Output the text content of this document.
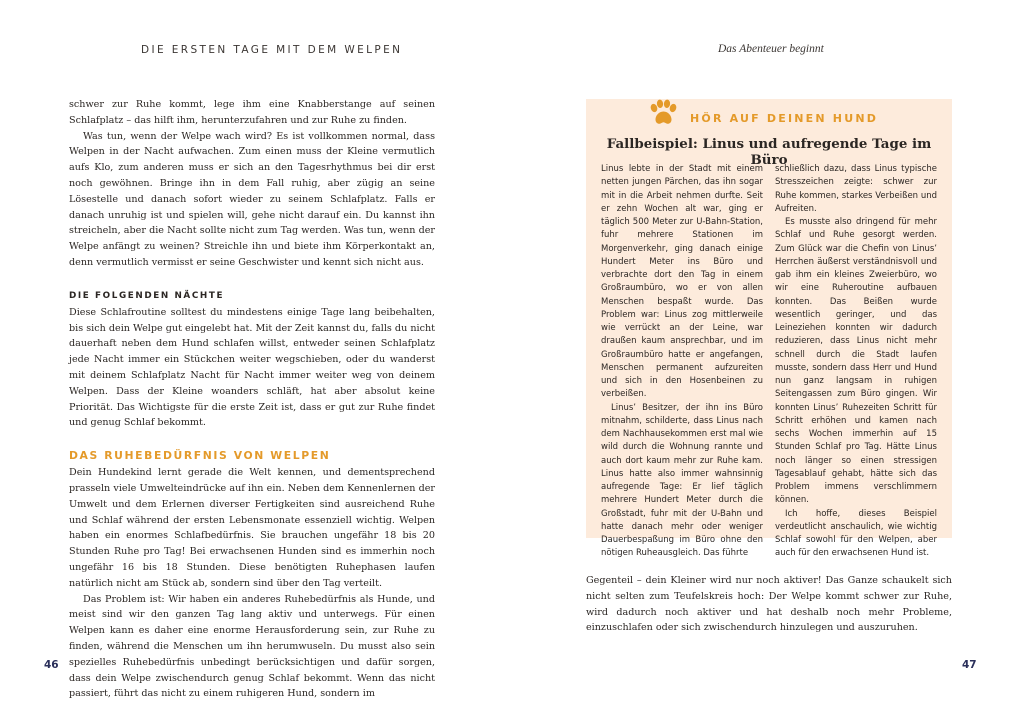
DIE ERSTEN TAGE MIT DEM WELPEN

schwer zur Ruhe kommt, lege ihm eine Knabberstange auf seinen Schlafplatz – das hilft ihm, herunterzufahren und zur Ruhe zu finden.

Was tun, wenn der Welpe wach wird? Es ist vollkommen normal, dass Welpen in der Nacht aufwachen. Zum einen muss der Kleine vermutlich aufs Klo, zum anderen muss er sich an den Tagesrhythmus bei dir erst noch gewöhnen. Bringe ihn in dem Fall ruhig, aber zügig an seine Lösestelle und danach sofort wieder zu seinem Schlafplatz. Falls er danach unruhig ist und spielen will, gehe nicht darauf ein. Du kannst ihn streicheln, aber die Nacht sollte nicht zum Tag werden. Was tun, wenn der Welpe anfängt zu weinen? Streichle ihn und biete ihm Körperkontakt an, denn vermutlich vermisst er seine Geschwister und kennt sich nicht aus.

DIE FOLGENDEN NÄCHTE

Diese Schlafroutine solltest du mindestens einige Tage lang beibehalten, bis sich dein Welpe gut eingelebt hat. Mit der Zeit kannst du, falls du nicht dauerhaft neben dem Hund schlafen willst, entweder seinen Schlafplatz jede Nacht immer ein Stückchen weiter wegschieben, oder du wanderst mit deinem Schlafplatz Nacht für Nacht immer weiter weg von deinem Welpen. Dass der Kleine woanders schläft, hat aber absolut keine Priorität. Das Wichtigste für die erste Zeit ist, dass er gut zur Ruhe findet und genug Schlaf bekommt.

DAS RUHEBEDÜRFNIS VON WELPEN

Dein Hundekind lernt gerade die Welt kennen, und dementsprechend prasseln viele Umwelteindrücke auf ihn ein. Neben dem Kennenlernen der Umwelt und dem Erlernen diverser Fertigkeiten sind ausreichend Ruhe und Schlaf während der ersten Lebensmonate essenziell wichtig. Welpen haben ein enormes Schlafbedürfnis. Sie brauchen ungefähr 18 bis 20 Stunden Ruhe pro Tag! Bei erwachsenen Hunden sind es immerhin noch ungefähr 16 bis 18 Stunden. Diese benötigten Ruhephasen laufen natürlich nicht am Stück ab, sondern sind über den Tag verteilt.

Das Problem ist: Wir haben ein anderes Ruhebedürfnis als Hunde, und meist sind wir den ganzen Tag lang aktiv und unterwegs. Für einen Welpen kann es daher eine enorme Herausforderung sein, zur Ruhe zu finden, während die Menschen um ihn herumwuseln. Du musst also sein spezielles Ruhebedürfnis unbedingt berücksichtigen und dafür sorgen, dass dein Welpe zwischendurch genug Schlaf bekommt. Wenn das nicht passiert, führt das nicht zu einem ruhigeren Hund, sondern im

46
Das Abenteuer beginnt
HÖR AUF DEINEN HUND
Fallbeispiel: Linus und aufregende Tage im Büro

Linus lebte in der Stadt mit einem netten jungen Pärchen, das ihn sogar mit in die Arbeit nehmen durfte. Seit er zehn Wochen alt war, ging er täglich 500 Meter zur U-Bahn-Station, fuhr mehrere Stationen im Morgenverkehr, ging danach einige Hundert Meter ins Büro und verbrachte dort den Tag in einem Großraumbüro, wo er von allen Menschen bespaßt wurde. Das Problem war: Linus zog mittlerweile wie verrückt an der Leine, war draußen kaum ansprechbar, und im Großraumbüro hatte er angefangen, Menschen permanent aufzureiten und sich in den Hosenbeinen zu verbeißen.

Linus’ Besitzer, der ihn ins Büro mitnahm, schilderte, dass Linus nach dem Nachhausekommen erst mal wie wild durch die Wohnung rannte und auch dort kaum mehr zur Ruhe kam. Linus hatte also immer wahnsinnig aufregende Tage: Er lief täglich mehrere Hundert Meter durch die Großstadt, fuhr mit der U-Bahn und hatte danach mehr oder weniger Dauerbespaßung im Büro ohne den nötigen Ruheausgleich. Das führte

schließlich dazu, dass Linus typische Stresszeichen zeigte: schwer zur Ruhe kommen, starkes Verbeißen und Aufreiten.

Es musste also dringend für mehr Schlaf und Ruhe gesorgt werden. Zum Glück war die Chefin von Linus’ Herrchen äußerst verständnisvoll und gab ihm ein kleines Zweierbüro, wo wir eine Ruheroutine aufbauen konnten. Das Beißen wurde wesentlich geringer, und das Leineziehen konnten wir dadurch reduzieren, dass Linus nicht mehr schnell durch die Stadt laufen musste, sondern dass Herr und Hund nun ganz langsam in ruhigen Seitengassen zum Büro gingen. Wir konnten Linus’ Ruhezeiten Schritt für Schritt erhöhen und kamen nach sechs Wochen immerhin auf 15 Stunden Schlaf pro Tag. Hätte Linus noch länger so einen stressigen Tagesablauf gehabt, hätte sich das Problem immens verschlimmern können.

Ich hoffe, dieses Beispiel verdeutlicht anschaulich, wie wichtig Schlaf sowohl für den Welpen, aber auch für den erwachsenen Hund ist.

Gegenteil – dein Kleiner wird nur noch aktiver! Das Ganze schaukelt sich nicht selten zum Teufelskreis hoch: Der Welpe kommt schwer zur Ruhe, wird dadurch noch aktiver und hat deshalb noch mehr Probleme, einzuschlafen oder sich zwischendurch hinzulegen und auszuruhen.

47
